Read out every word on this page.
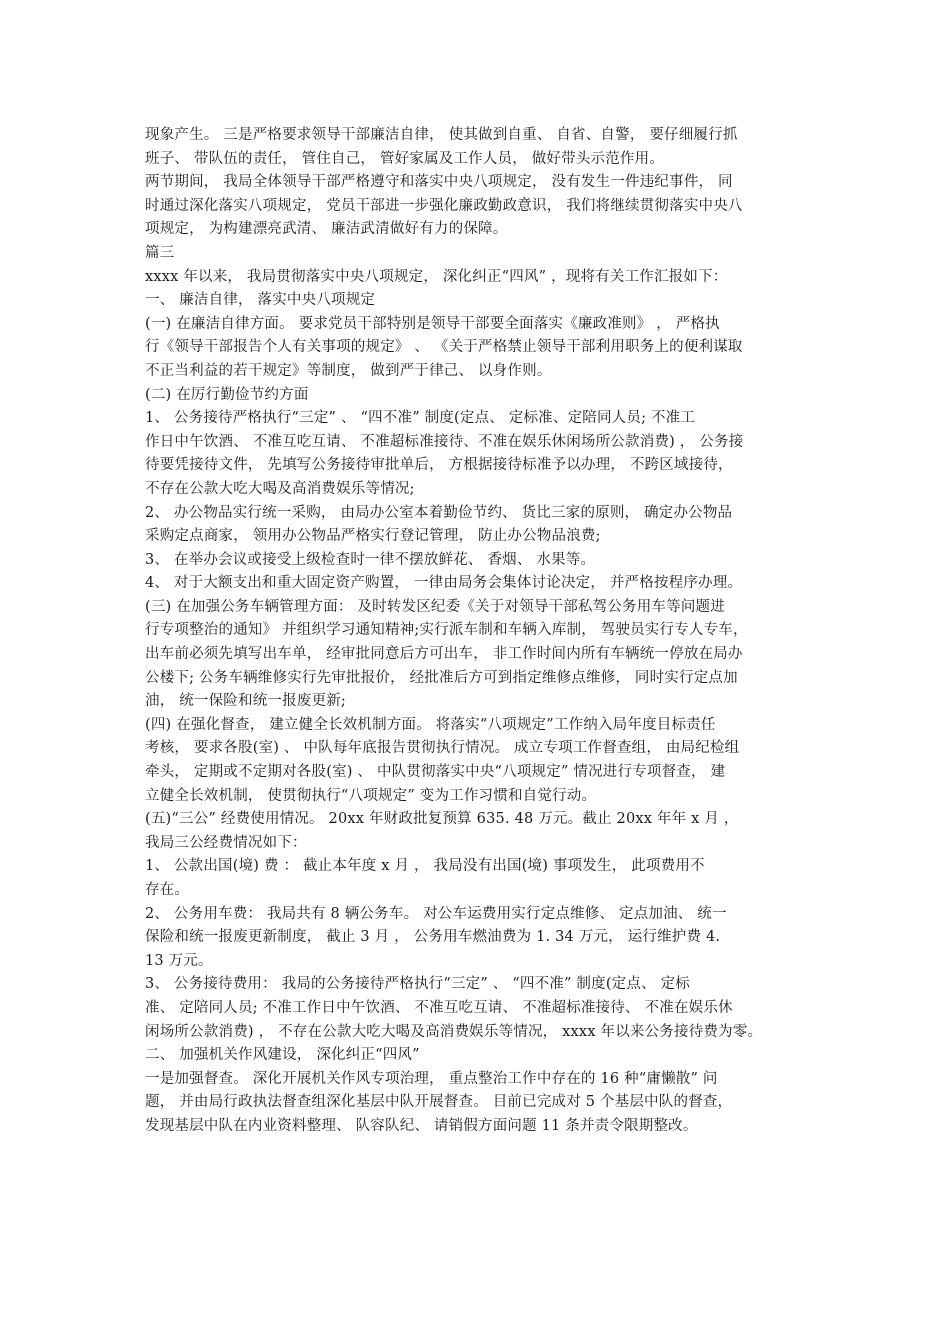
现象产生。 三是严格要求领导干部廉洁自律， 使其做到自重、 自省、自警， 要仔细履行抓
班子、 带队伍的责任， 管住自己， 管好家属及工作人员， 做好带头示范作用。
两节期间， 我局全体领导干部严格遵守和落实中央八项规定， 没有发生一件违纪事件， 同
时通过深化落实八项规定， 党员干部进一步强化廉政勤政意识， 我们将继续贯彻落实中央八
项规定， 为构建漂亮武清、 廉洁武清做好有力的保障。
篇三
xxxx 年以来， 我局贯彻落实中央八项规定， 深化纠正“四风” ，现将有关工作汇报如下：
一、 廉洁自律， 落实中央八项规定
(一) 在廉洁自律方面。 要求党员干部特别是领导干部要全面落实《廉政准则》 ， 严格执
行《领导干部报告个人有关事项的规定》 、 《关于严格禁止领导干部利用职务上的便利谋取
不正当利益的若干规定》等制度， 做到严于律己、 以身作则。
(二) 在厉行勤俭节约方面
1、 公务接待严格执行“三定” 、 “四不准” 制度(定点、 定标准、定陪同人员; 不准工
作日中午饮酒、 不准互吃互请、 不准超标准接待、不准在娱乐休闲场所公款消费) ， 公务接
待要凭接待文件， 先填写公务接待审批单后， 方根据接待标准予以办理， 不跨区域接待，
不存在公款大吃大喝及高消费娱乐等情况;
2、 办公物品实行统一采购， 由局办公室本着勤俭节约、 货比三家的原则， 确定办公物品
采购定点商家， 领用办公物品严格实行登记管理， 防止办公物品浪费;
3、 在举办会议或接受上级检查时一律不摆放鲜花、 香烟、 水果等。
4、 对于大额支出和重大固定资产购置， 一律由局务会集体讨论决定， 并严格按程序办理。
(三) 在加强公务车辆管理方面： 及时转发区纪委《关于对领导干部私驾公务用车等问题进
行专项整治的通知》 并组织学习通知精神;实行派车制和车辆入库制， 驾驶员实行专人专车，
出车前必须先填写出车单， 经审批同意后方可出车， 非工作时间内所有车辆统一停放在局办
公楼下; 公务车辆维修实行先审批报价， 经批准后方可到指定维修点维修， 同时实行定点加
油， 统一保险和统一报废更新;
(四) 在强化督查， 建立健全长效机制方面。 将落实“八项规定”工作纳入局年度目标责任
考核， 要求各股(室) 、 中队每年底报告贯彻执行情况。 成立专项工作督查组， 由局纪检组
牵头， 定期或不定期对各股(室) 、 中队贯彻落实中央“八项规定” 情况进行专项督查， 建
立健全长效机制， 使贯彻执行“八项规定” 变为工作习惯和自觉行动。
(五)“三公” 经费使用情况。 20xx 年财政批复预算 635. 48 万元。截止 20xx 年年 x 月 ，
我局三公经费情况如下：
1、 公款出国(境) 费 ： 截止本年度 x 月 ， 我局没有出国(境) 事项发生， 此项费用不
存在。
2、 公务用车费： 我局共有 8 辆公务车。 对公车运费用实行定点维修、 定点加油、 统一
保险和统一报废更新制度， 截止 3 月 ， 公务用车燃油费为 1. 34 万元， 运行维护费 4.
13 万元。
3、 公务接待费用： 我局的公务接待严格执行“三定” 、 “四不准” 制度(定点、 定标
准、 定陪同人员; 不准工作日中午饮酒、 不准互吃互请、 不准超标准接待、 不准在娱乐休
闲场所公款消费) ， 不存在公款大吃大喝及高消费娱乐等情况， xxxx 年以来公务接待费为零。
二、 加强机关作风建设， 深化纠正“四风”
一是加强督查。 深化开展机关作风专项治理， 重点整治工作中存在的 16 种“庸懒散” 问
题， 并由局行政执法督查组深化基层中队开展督查。 目前已完成对 5 个基层中队的督查，
发现基层中队在内业资料整理、 队容队纪、 请销假方面问题 11 条并责令限期整改。
